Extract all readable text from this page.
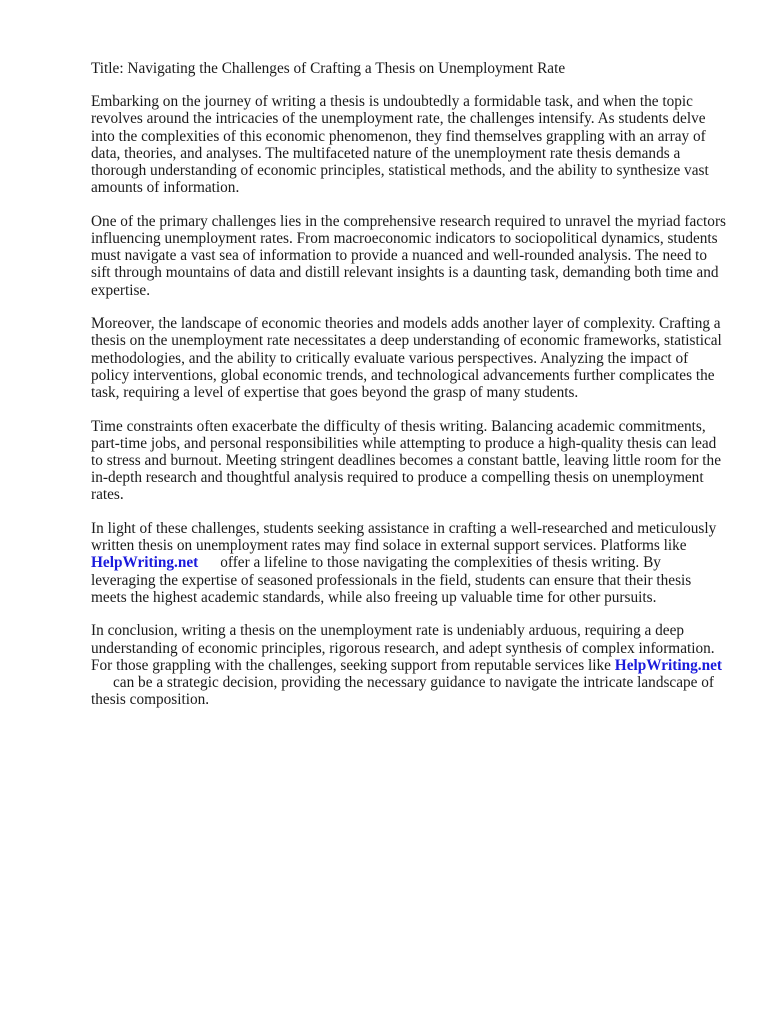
Title: Navigating the Challenges of Crafting a Thesis on Unemployment Rate

Embarking on the journey of writing a thesis is undoubtedly a formidable task, and when the topic revolves around the intricacies of the unemployment rate, the challenges intensify. As students delve into the complexities of this economic phenomenon, they find themselves grappling with an array of data, theories, and analyses. The multifaceted nature of the unemployment rate thesis demands a thorough understanding of economic principles, statistical methods, and the ability to synthesize vast amounts of information.

One of the primary challenges lies in the comprehensive research required to unravel the myriad factors influencing unemployment rates. From macroeconomic indicators to sociopolitical dynamics, students must navigate a vast sea of information to provide a nuanced and well-rounded analysis. The need to sift through mountains of data and distill relevant insights is a daunting task, demanding both time and expertise.

Moreover, the landscape of economic theories and models adds another layer of complexity. Crafting a thesis on the unemployment rate necessitates a deep understanding of economic frameworks, statistical methodologies, and the ability to critically evaluate various perspectives. Analyzing the impact of policy interventions, global economic trends, and technological advancements further complicates the task, requiring a level of expertise that goes beyond the grasp of many students.

Time constraints often exacerbate the difficulty of thesis writing. Balancing academic commitments, part-time jobs, and personal responsibilities while attempting to produce a high-quality thesis can lead to stress and burnout. Meeting stringent deadlines becomes a constant battle, leaving little room for the in-depth research and thoughtful analysis required to produce a compelling thesis on unemployment rates.

In light of these challenges, students seeking assistance in crafting a well-researched and meticulously written thesis on unemployment rates may find solace in external support services. Platforms likeHelpWriting.net offer a lifeline to those navigating the complexities of thesis writing. By leveraging the expertise of seasoned professionals in the field, students can ensure that their thesis meets the highest academic standards, while also freeing up valuable time for other pursuits.

In conclusion, writing a thesis on the unemployment rate is undeniably arduous, requiring a deep understanding of economic principles, rigorous research, and adept synthesis of complex information. For those grappling with the challenges, seeking support from reputable services like HelpWriting.netcan be a strategic decision, providing the necessary guidance to navigate the intricate landscape of thesis composition.
